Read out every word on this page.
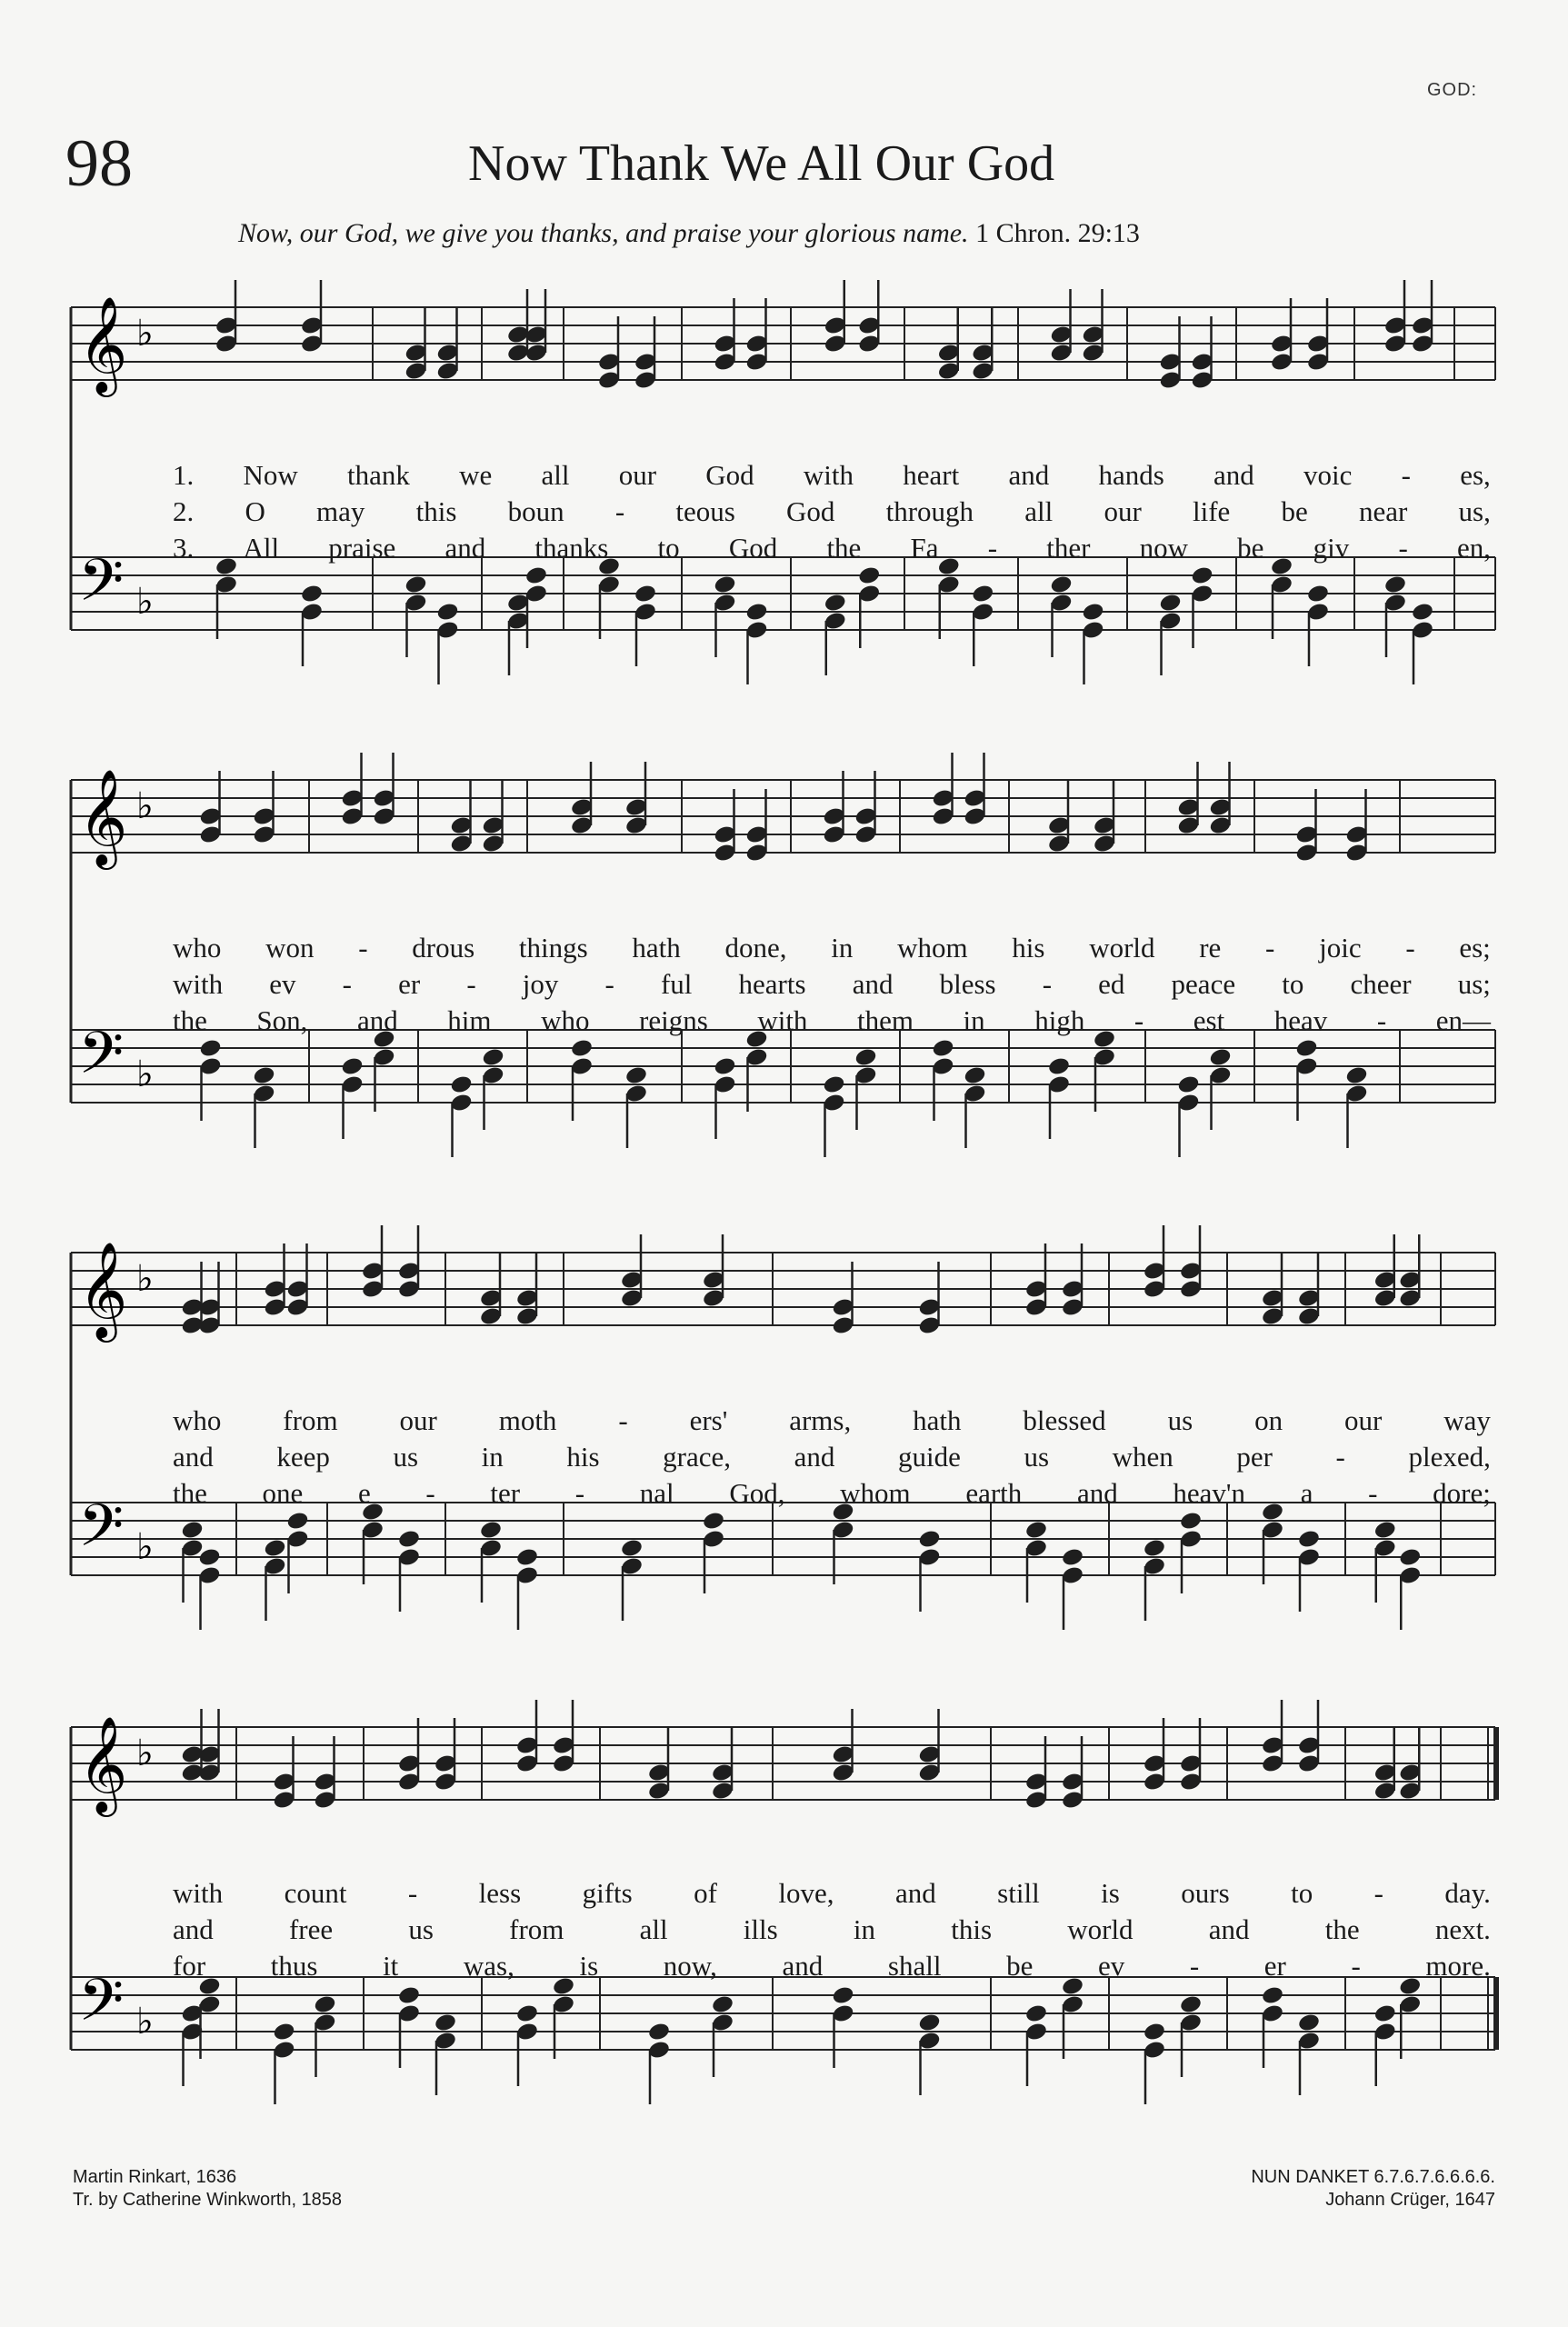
GOD:
98	Now Thank We All Our God
Now, our God, we give you thanks, and praise your glorious name. 1 Chron. 29:13
𝄞
𝄢
♭
♭
𝄞
𝄢
♭
♭
𝄞
𝄢
♭
♭
𝄞
𝄢
♭
♭
1. Now thank we all our God with heart and hands and voic - es,
2. O may this boun - teous God through all our life be near us,
3. All praise and thanks to God the Fa - ther now be giv - en,
who won - drous things hath done, in whom his world re - joic - es;
with ev - er - joy - ful hearts and bless - ed peace to cheer us;
the Son, and him who reigns with them in high - est heav - en—
who from our moth - ers' arms, hath blessed us on our way
and keep us in his grace, and guide us when per - plexed,
the one e - ter - nal God, whom earth and heav'n a - dore;
with count - less gifts of love, and still is ours to - day.
and	free	us	from	all	ills	in	this	world	and	the	next.
for thus it was, is now, and shall be ev - er - more.
Martin Rinkart, 1636
Tr. by Catherine Winkworth, 1858
NUN DANKET 6.7.6.7.6.6.6.6.
Johann Crüger, 1647
